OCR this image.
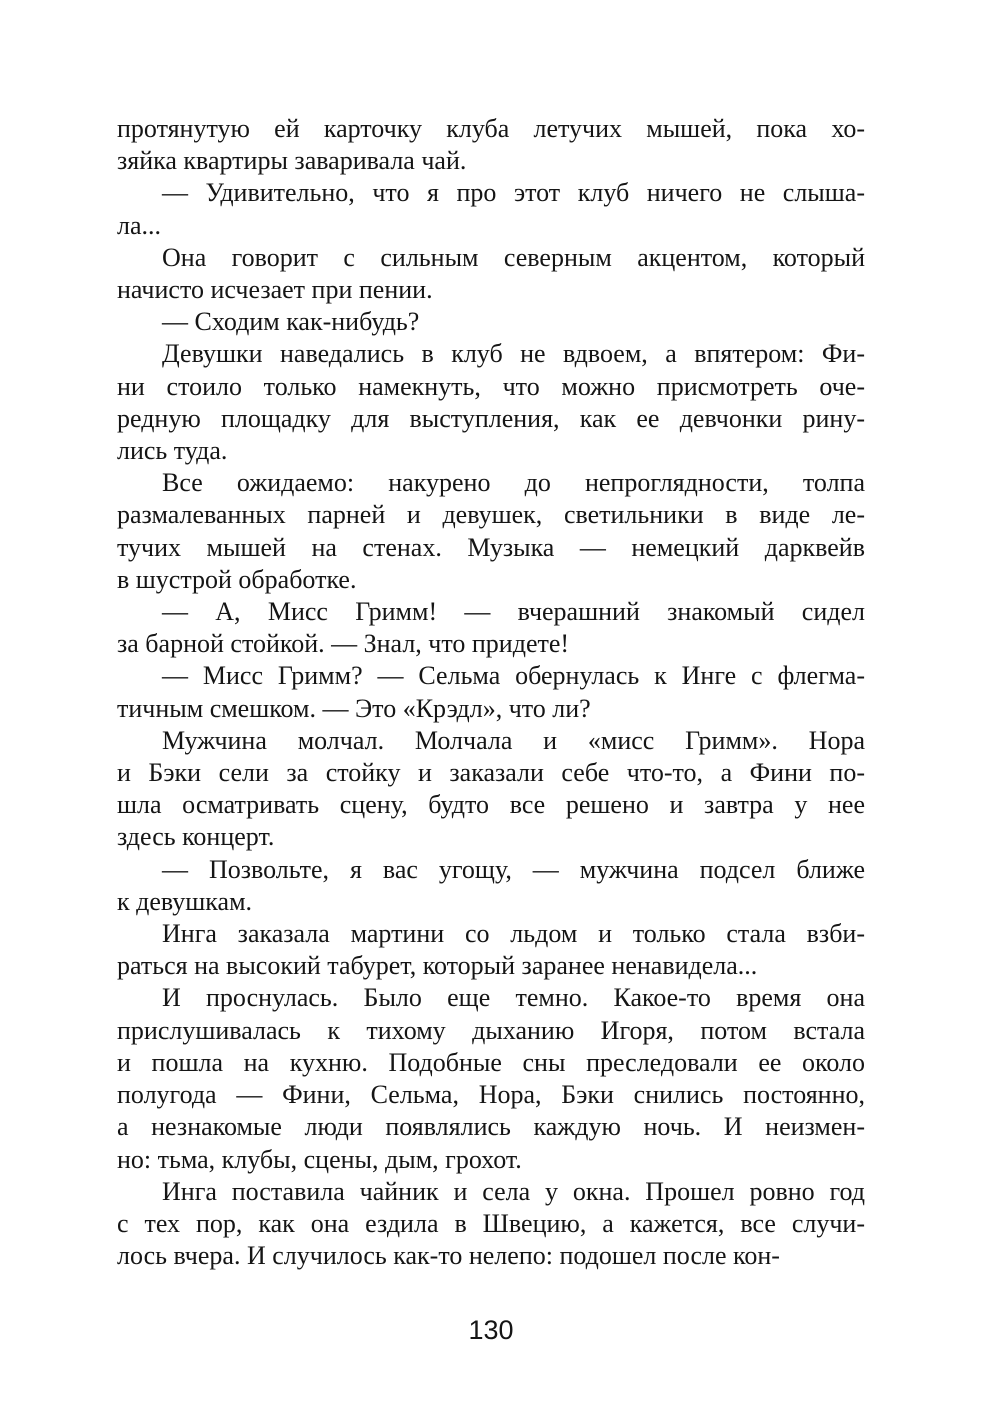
протянутую ей карточку клуба летучих мышей, пока хо-
зяйка квартиры заваривала чай.
— Удивительно, что я про этот клуб ничего не слыша-
ла...
Она говорит с сильным северным акцентом, который
начисто исчезает при пении.
— Сходим как-нибудь?
Девушки наведались в клуб не вдвоем, а впятером: Фи-
ни стоило только намекнуть, что можно присмотреть оче-
редную площадку для выступления, как ее девчонки рину-
лись туда.
Все ожидаемо: накурено до непроглядности, толпа
размалеванных парней и девушек, светильники в виде ле-
тучих мышей на стенах. Музыка — немецкий дарквейв
в шустрой обработке.
— А, Мисс Гримм! — вчерашний знакомый сидел
за барной стойкой. — Знал, что придете!
— Мисс Гримм? — Сельма обернулась к Инге с флегма-
тичным смешком. — Это «Крэдл», что ли?
Мужчина молчал. Молчала и «мисс Гримм». Нора
и Бэки сели за стойку и заказали себе что-то, а Фини по-
шла осматривать сцену, будто все решено и завтра у нее
здесь концерт.
— Позвольте, я вас угощу, — мужчина подсел ближе
к девушкам.
Инга заказала мартини со льдом и только стала взби-
раться на высокий табурет, который заранее ненавидела...
И проснулась. Было еще темно. Какое-то время она
прислушивалась к тихому дыханию Игоря, потом встала
и пошла на кухню. Подобные сны преследовали ее около
полугода — Фини, Сельма, Нора, Бэки снились постоянно,
а незнакомые люди появлялись каждую ночь. И неизмен-
но: тьма, клубы, сцены, дым, грохот.
Инга поставила чайник и села у окна. Прошел ровно год
с тех пор, как она ездила в Швецию, а кажется, все случи-
лось вчера. И случилось как-то нелепо: подошел после кон-
130
